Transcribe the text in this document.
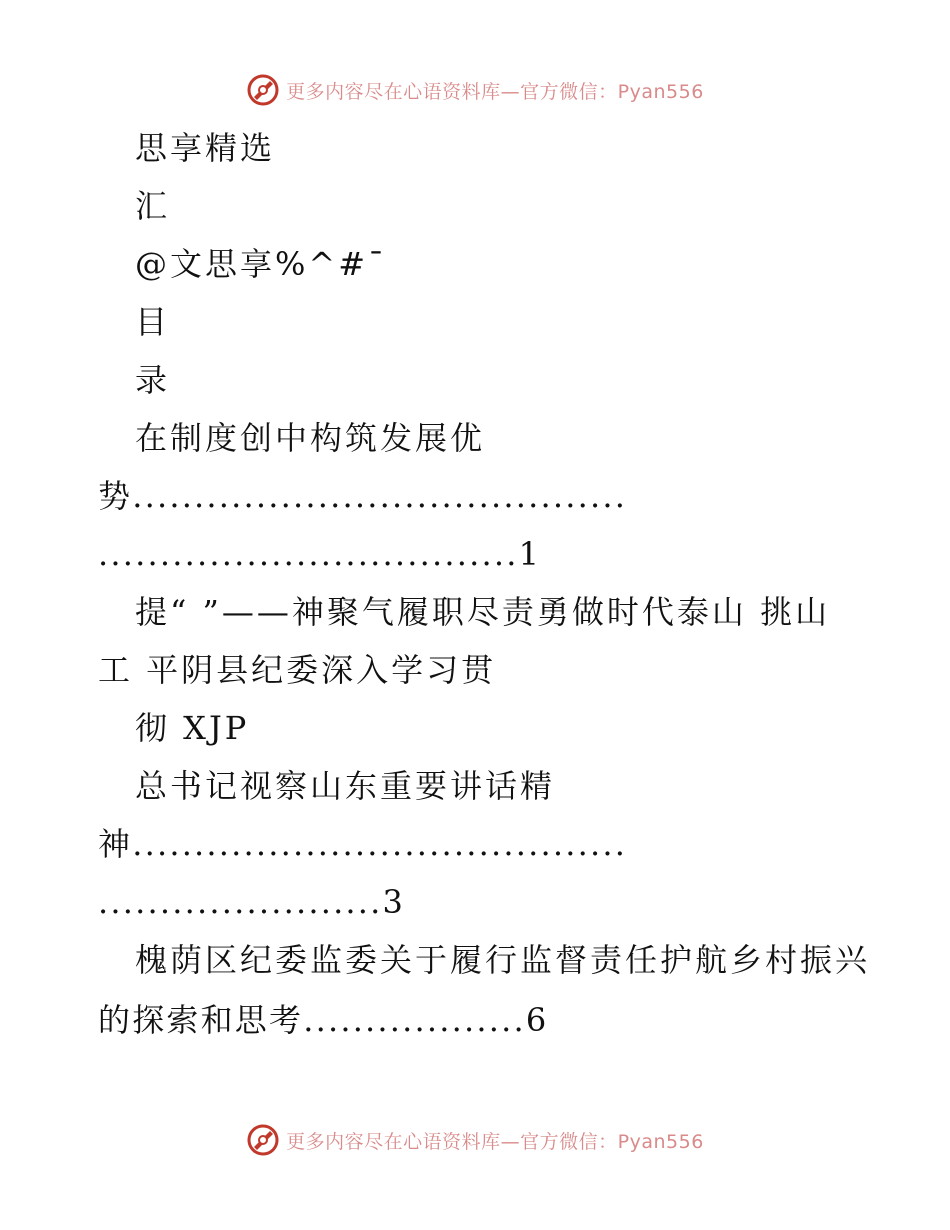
更多内容尽在心语资料库—官方微信：Pyan556
思享精选
汇
@文思享%^#¯
目
录
在制度创中构筑发展优
势........................................
..................................1
提“ ”——神聚气履职尽责勇做时代泰山 挑山
工 平阴县纪委深入学习贯
彻 XJP
总书记视察山东重要讲话精
神........................................
.......................3
槐荫区纪委监委关于履行监督责任护航乡村振兴
的探索和思考..................6
更多内容尽在心语资料库—官方微信：Pyan556
